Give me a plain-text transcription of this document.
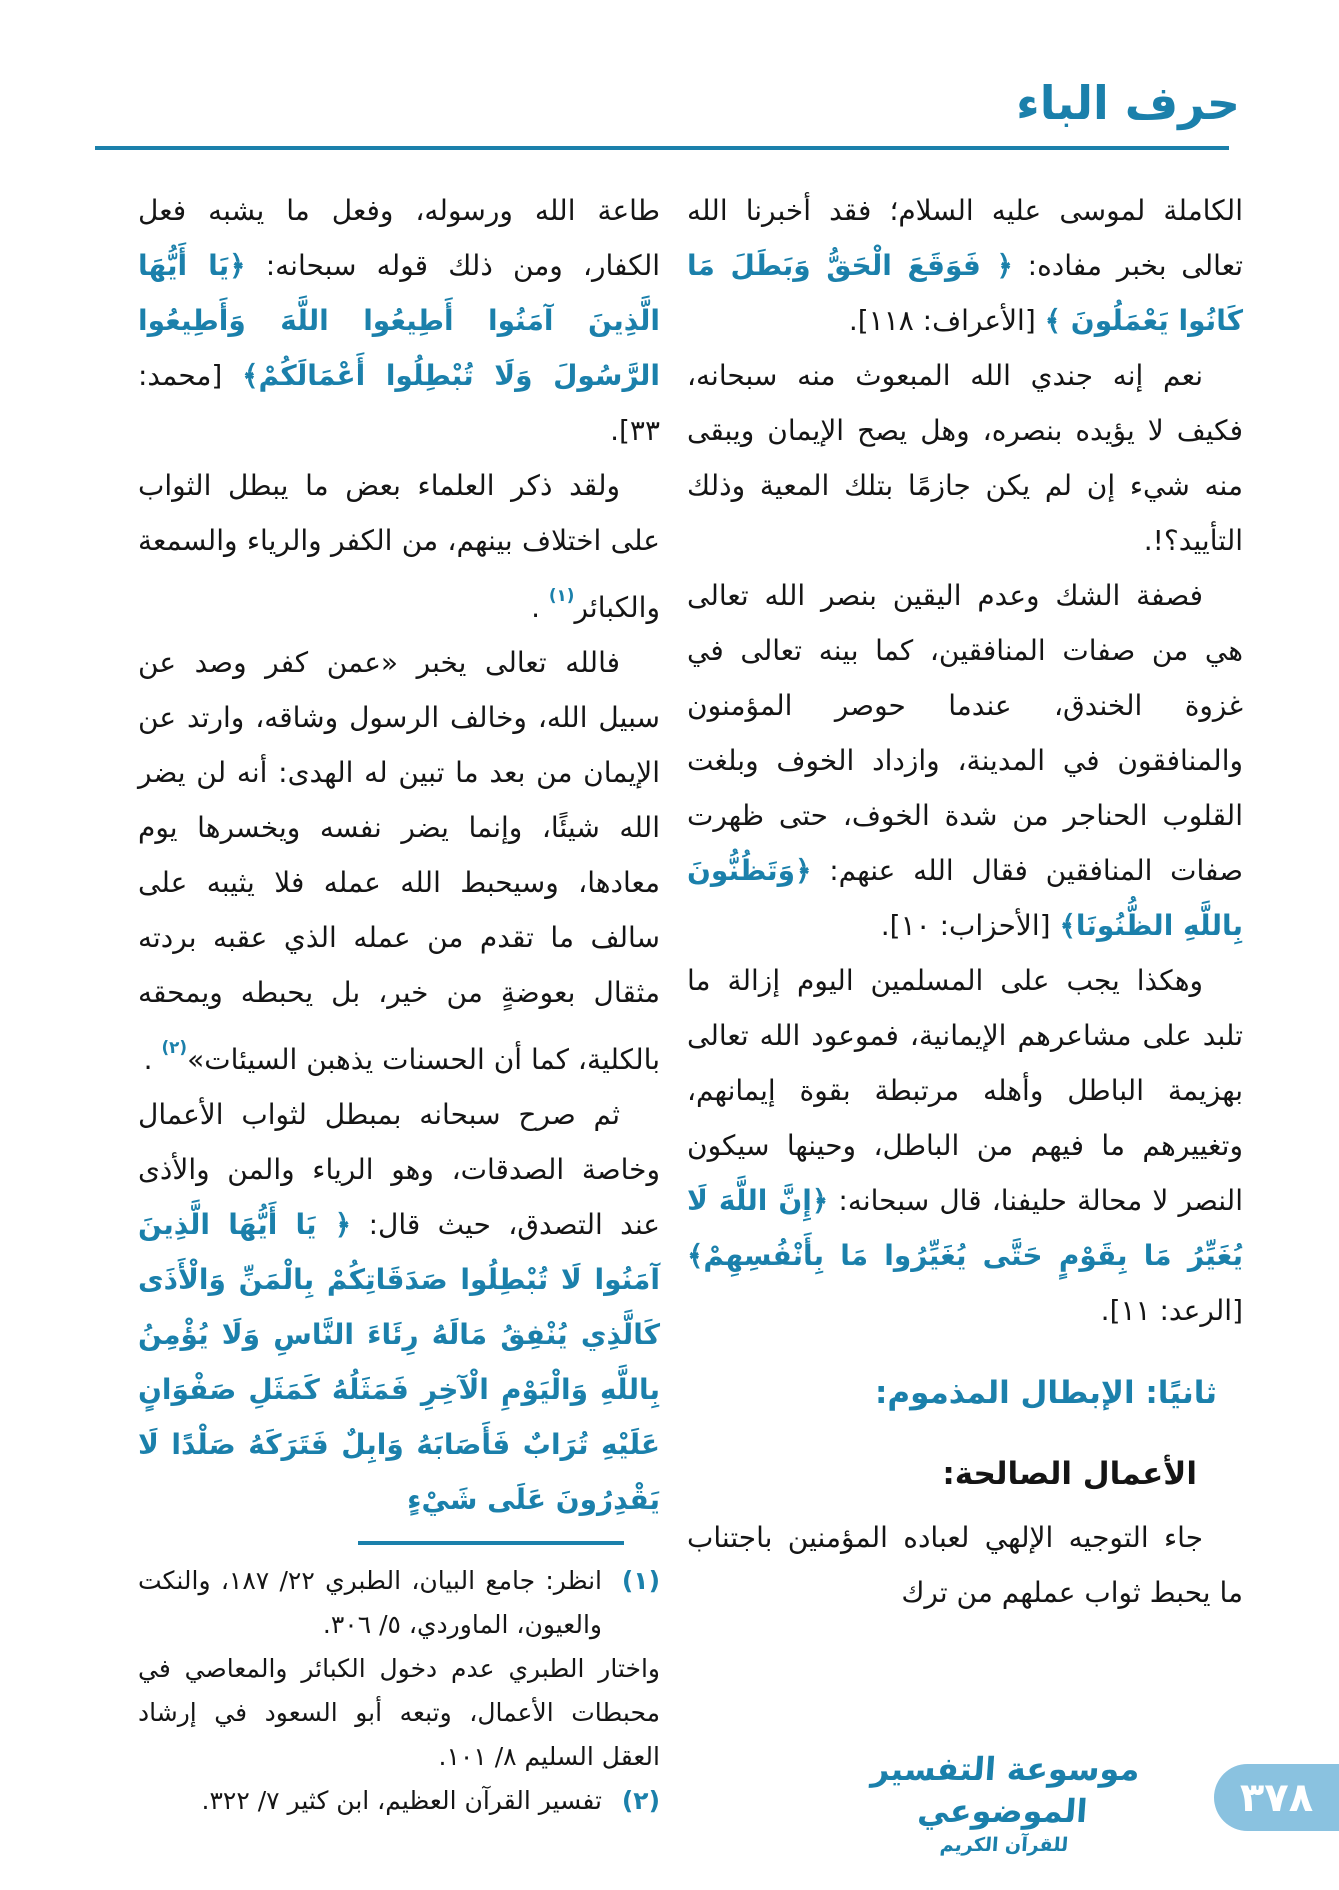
حرف الباء
الكاملة لموسى عليه السلام؛ فقد أخبرنا الله تعالى بخبر مفاده: ﴿ فَوَقَعَ الْحَقُّ وَبَطَلَ مَا كَانُوا يَعْمَلُونَ ﴾ [الأعراف: ١١٨].
نعم إنه جندي الله المبعوث منه سبحانه، فكيف لا يؤيده بنصره، وهل يصح الإيمان ويبقى منه شيء إن لم يكن جازمًا بتلك المعية وذلك التأييد؟!.
فصفة الشك وعدم اليقين بنصر الله تعالى هي من صفات المنافقين، كما بينه تعالى في غزوة الخندق، عندما حوصر المؤمنون والمنافقون في المدينة، وازداد الخوف وبلغت القلوب الحناجر من شدة الخوف، حتى ظهرت صفات المنافقين فقال الله عنهم: ﴿وَتَظُنُّونَ بِاللَّهِ الظُّنُونَا﴾ [الأحزاب: ١٠].
وهكذا يجب على المسلمين اليوم إزالة ما تلبد على مشاعرهم الإيمانية، فموعود الله تعالى بهزيمة الباطل وأهله مرتبطة بقوة إيمانهم، وتغييرهم ما فيهم من الباطل، وحينها سيكون النصر لا محالة حليفنا، قال سبحانه: ﴿إِنَّ اللَّهَ لَا يُغَيِّرُ مَا بِقَوْمٍ حَتَّى يُغَيِّرُوا مَا بِأَنْفُسِهِمْ﴾ [الرعد: ١١].
ثانيًا: الإبطال المذموم:
الأعمال الصالحة:
جاء التوجيه الإلهي لعباده المؤمنين باجتناب ما يحبط ثواب عملهم من ترك
طاعة الله ورسوله، وفعل ما يشبه فعل الكفار، ومن ذلك قوله سبحانه: ﴿يَا أَيُّهَا الَّذِينَ آمَنُوا أَطِيعُوا اللَّهَ وَأَطِيعُوا الرَّسُولَ وَلَا تُبْطِلُوا أَعْمَالَكُمْ﴾ [محمد: ٣٣].
ولقد ذكر العلماء بعض ما يبطل الثواب على اختلاف بينهم، من الكفر والرياء والسمعة والكبائر$^{(١)}$ .
فالله تعالى يخبر «عمن كفر وصد عن سبيل الله، وخالف الرسول وشاقه، وارتد عن الإيمان من بعد ما تبين له الهدى: أنه لن يضر الله شيئًا، وإنما يضر نفسه ويخسرها يوم معادها، وسيحبط الله عمله فلا يثيبه على سالف ما تقدم من عمله الذي عقبه بردته مثقال بعوضةٍ من خير، بل يحبطه ويمحقه بالكلية، كما أن الحسنات يذهبن السيئات»$^{(٢)}$ .
ثم صرح سبحانه بمبطل لثواب الأعمال وخاصة الصدقات، وهو الرياء والمن والأذى عند التصدق، حيث قال: ﴿ يَا أَيُّهَا الَّذِينَ آمَنُوا لَا تُبْطِلُوا صَدَقَاتِكُمْ بِالْمَنِّ وَالْأَذَى كَالَّذِي يُنْفِقُ مَالَهُ رِئَاءَ النَّاسِ وَلَا يُؤْمِنُ بِاللَّهِ وَالْيَوْمِ الْآخِرِ فَمَثَلُهُ كَمَثَلِ صَفْوَانٍ عَلَيْهِ تُرَابٌ فَأَصَابَهُ وَابِلٌ فَتَرَكَهُ صَلْدًا لَا يَقْدِرُونَ عَلَى شَيْءٍ
(١)
انظر: جامع البيان، الطبري ٢٢/ ١٨٧، والنكت والعيون، الماوردي، ٥/ ٣٠٦.
واختار الطبري عدم دخول الكبائر والمعاصي في محبطات الأعمال، وتبعه أبو السعود في إرشاد العقل السليم ٨/ ١٠١.
(٢)
تفسير القرآن العظيم، ابن كثير ٧/ ٣٢٢.
موسوعة التفسير الموضوعي
للقرآن الكريم
٣٧٨
